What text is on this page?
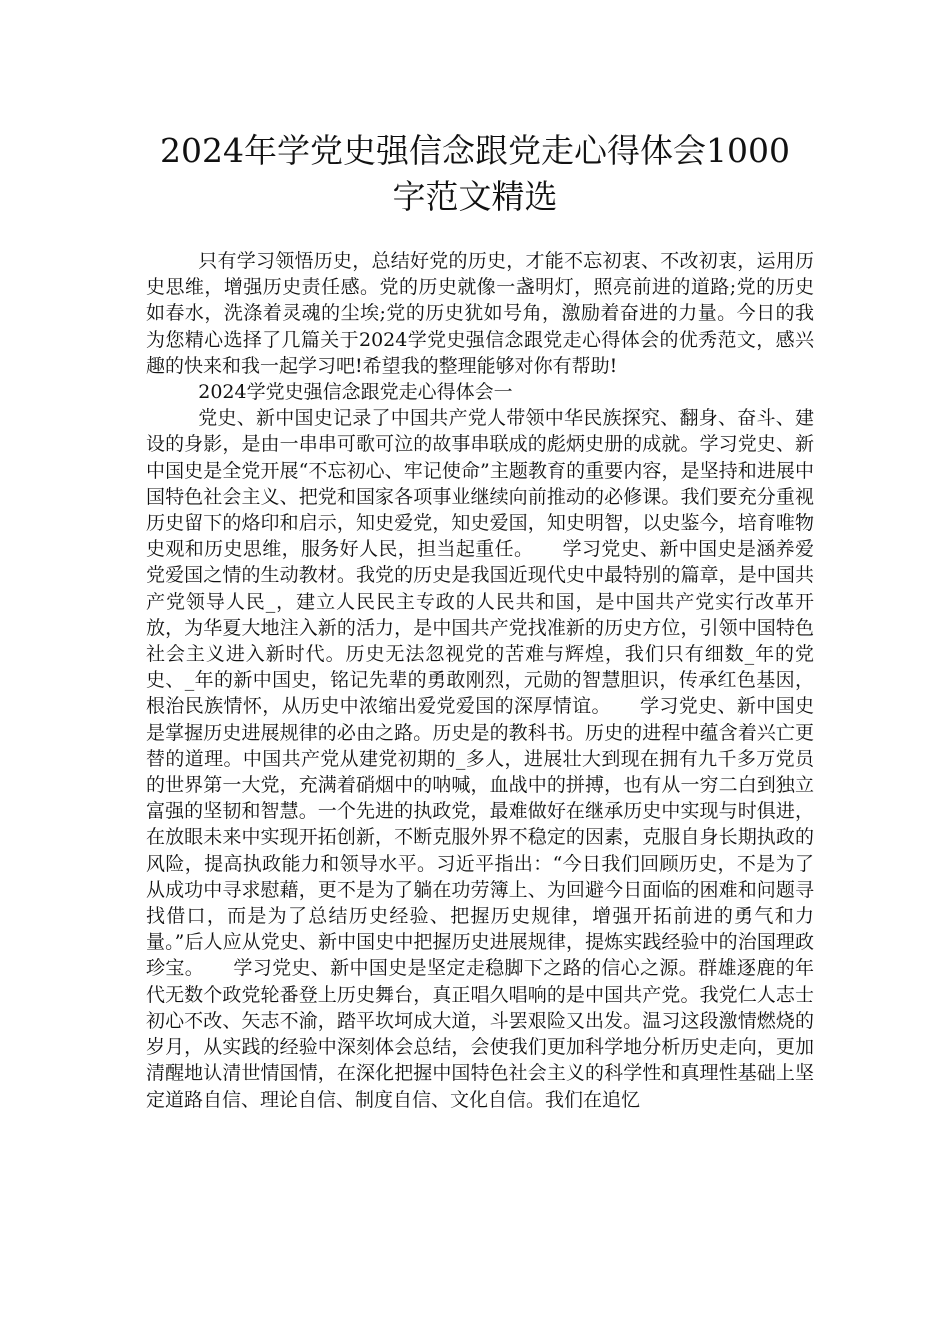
2024年学党史强信念跟党走心得体会1000
字范文精选

只有学习领悟历史，总结好党的历史，才能不忘初衷、不改初衷，运用历史思维，增强历史责任感。党的历史就像一盏明灯，照亮前进的道路;党的历史如春水，洗涤着灵魂的尘埃;党的历史犹如号角，激励着奋进的力量。今日的我为您精心选择了几篇关于2024学党史强信念跟党走心得体会的优秀范文，感兴趣的快来和我一起学习吧!希望我的整理能够对你有帮助!

2024学党史强信念跟党走心得体会一

党史、新中国史记录了中国共产党人带领中华民族探究、翻身、奋斗、建设的身影，是由一串串可歌可泣的故事串联成的彪炳史册的成就。学习党史、新中国史是全党开展“不忘初心、牢记使命”主题教育的重要内容，是坚持和进展中国特色社会主义、把党和国家各项事业继续向前推动的必修课。我们要充分重视历史留下的烙印和启示，知史爱党，知史爱国，知史明智，以史鉴今，培育唯物史观和历史思维，服务好人民，担当起重任。　　学习党史、新中国史是涵养爱党爱国之情的生动教材。我党的历史是我国近现代史中最特别的篇章，是中国共产党领导人民_，建立人民民主专政的人民共和国，是中国共产党实行改革开放，为华夏大地注入新的活力，是中国共产党找准新的历史方位，引领中国特色社会主义进入新时代。历史无法忽视党的苦难与辉煌，我们只有细数_年的党史、_年的新中国史，铭记先辈的勇敢刚烈，元勋的智慧胆识，传承红色基因，根治民族情怀，从历史中浓缩出爱党爱国的深厚情谊。　　学习党史、新中国史是掌握历史进展规律的必由之路。历史是的教科书。历史的进程中蕴含着兴亡更替的道理。中国共产党从建党初期的_多人，进展壮大到现在拥有九千多万党员的世界第一大党，充满着硝烟中的呐喊，血战中的拼搏，也有从一穷二白到独立富强的坚韧和智慧。一个先进的执政党，最难做好在继承历史中实现与时俱进，在放眼未来中实现开拓创新，不断克服外界不稳定的因素，克服自身长期执政的风险，提高执政能力和领导水平。习近平指出：“今日我们回顾历史，不是为了从成功中寻求慰藉，更不是为了躺在功劳簿上、为回避今日面临的困难和问题寻找借口，而是为了总结历史经验、把握历史规律，增强开拓前进的勇气和力量。”后人应从党史、新中国史中把握历史进展规律，提炼实践经验中的治国理政珍宝。　　学习党史、新中国史是坚定走稳脚下之路的信心之源。群雄逐鹿的年代无数个政党轮番登上历史舞台，真正唱久唱响的是中国共产党。我党仁人志士初心不改、矢志不渝，踏平坎坷成大道，斗罢艰险又出发。温习这段激情燃烧的岁月，从实践的经验中深刻体会总结，会使我们更加科学地分析历史走向，更加清醒地认清世情国情，在深化把握中国特色社会主义的科学性和真理性基础上坚定道路自信、理论自信、制度自信、文化自信。我们在追忆
